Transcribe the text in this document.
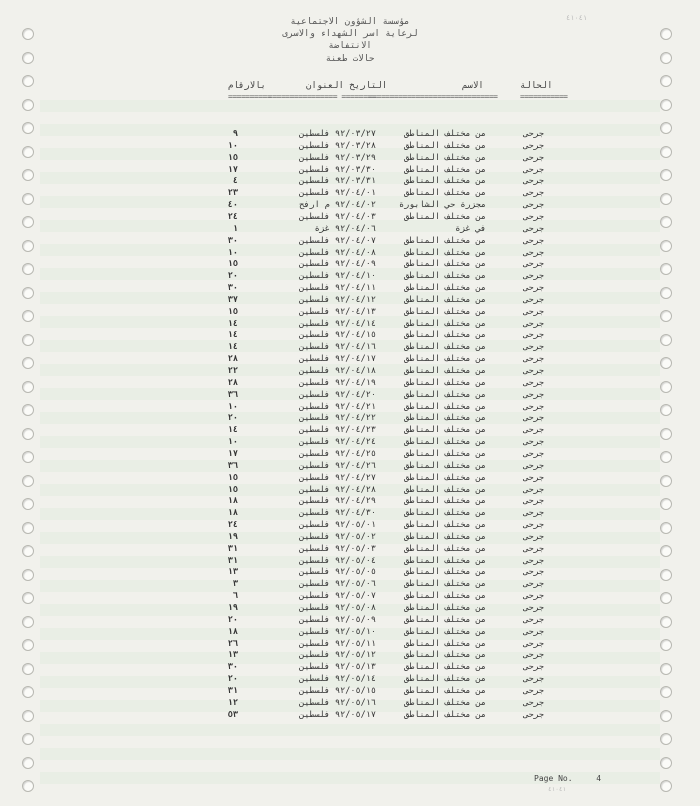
٤١٠٤١
مؤسسة الشؤون الاجتماعية
لرعاية اسر الشهداء والاسرى
الانتفاضة
حالات طعنة
الحالة
الاسم
التاريخ العنوان
بالارقام
===========
==============================
================ ========
==========
جرحى
من مختلف المناطق
٩٢/٠٣/٢٧ فلسطين
٩
جرحى
من مختلف المناطق
٩٢/٠٣/٢٨ فلسطين
١٠
جرحى
من مختلف المناطق
٩٢/٠٣/٢٩ فلسطين
١٥
جرحى
من مختلف المناطق
٩٢/٠٣/٣٠ فلسطين
١٧
جرحى
من مختلف المناطق
٩٢/٠٣/٣١ فلسطين
٤
جرحى
من مختلف المناطق
٩٢/٠٤/٠١ فلسطين
٢٣
جرحى
مجزرة حي الشابورة
٩٢/٠٤/٠٢ م ارفح
٤٠
جرحى
من مختلف المناطق
٩٢/٠٤/٠٣ فلسطين
٢٤
جرحى
في غزة
٩٢/٠٤/٠٦ غزة
١
جرحى
من مختلف المناطق
٩٢/٠٤/٠٧ فلسطين
٣٠
جرحى
من مختلف المناطق
٩٢/٠٤/٠٨ فلسطين
١٠
جرحى
من مختلف المناطق
٩٢/٠٤/٠٩ فلسطين
١٥
جرحى
من مختلف المناطق
٩٢/٠٤/١٠ فلسطين
٢٠
جرحى
من مختلف المناطق
٩٢/٠٤/١١ فلسطين
٣٠
جرحى
من مختلف المناطق
٩٢/٠٤/١٢ فلسطين
٣٧
جرحى
من مختلف المناطق
٩٢/٠٤/١٣ فلسطين
١٥
جرحى
من مختلف المناطق
٩٢/٠٤/١٤ فلسطين
١٤
جرحى
من مختلف المناطق
٩٢/٠٤/١٥ فلسطين
١٤
جرحى
من مختلف المناطق
٩٢/٠٤/١٦ فلسطين
١٤
جرحى
من مختلف المناطق
٩٢/٠٤/١٧ فلسطين
٢٨
جرحى
من مختلف المناطق
٩٢/٠٤/١٨ فلسطين
٢٢
جرحى
من مختلف المناطق
٩٢/٠٤/١٩ فلسطين
٢٨
جرحى
من مختلف المناطق
٩٢/٠٤/٢٠ فلسطين
٣٦
جرحى
من مختلف المناطق
٩٢/٠٤/٢١ فلسطين
١٠
جرحى
من مختلف المناطق
٩٢/٠٤/٢٢ فلسطين
٢٠
جرحى
من مختلف المناطق
٩٢/٠٤/٢٣ فلسطين
١٤
جرحى
من مختلف المناطق
٩٢/٠٤/٢٤ فلسطين
١٠
جرحى
من مختلف المناطق
٩٢/٠٤/٢٥ فلسطين
١٧
جرحى
من مختلف المناطق
٩٢/٠٤/٢٦ فلسطين
٣٦
جرحى
من مختلف المناطق
٩٢/٠٤/٢٧ فلسطين
١٥
جرحى
من مختلف المناطق
٩٢/٠٤/٢٨ فلسطين
١٥
جرحى
من مختلف المناطق
٩٢/٠٤/٢٩ فلسطين
١٨
جرحى
من مختلف المناطق
٩٢/٠٤/٣٠ فلسطين
١٨
جرحى
من مختلف المناطق
٩٢/٠٥/٠١ فلسطين
٢٤
جرحى
من مختلف المناطق
٩٢/٠٥/٠٢ فلسطين
١٩
جرحى
من مختلف المناطق
٩٢/٠٥/٠٣ فلسطين
٣١
جرحى
من مختلف المناطق
٩٢/٠٥/٠٤ فلسطين
٣١
جرحى
من مختلف المناطق
٩٢/٠٥/٠٥ فلسطين
١٣
جرحى
من مختلف المناطق
٩٢/٠٥/٠٦ فلسطين
٣
جرحى
من مختلف المناطق
٩٢/٠٥/٠٧ فلسطين
٦
جرحى
من مختلف المناطق
٩٢/٠٥/٠٨ فلسطين
١٩
جرحى
من مختلف المناطق
٩٢/٠٥/٠٩ فلسطين
٢٠
جرحى
من مختلف المناطق
٩٢/٠٥/١٠ فلسطين
١٨
جرحى
من مختلف المناطق
٩٢/٠٥/١١ فلسطين
٢٦
جرحى
من مختلف المناطق
٩٢/٠٥/١٢ فلسطين
١٣
جرحى
من مختلف المناطق
٩٢/٠٥/١٣ فلسطين
٣٠
جرحى
من مختلف المناطق
٩٢/٠٥/١٤ فلسطين
٢٠
جرحى
من مختلف المناطق
٩٢/٠٥/١٥ فلسطين
٣١
جرحى
من مختلف المناطق
٩٢/٠٥/١٦ فلسطين
١٢
جرحى
من مختلف المناطق
٩٢/٠٥/١٧ فلسطين
٥٣
Page No.	4
٤١٠٤١
